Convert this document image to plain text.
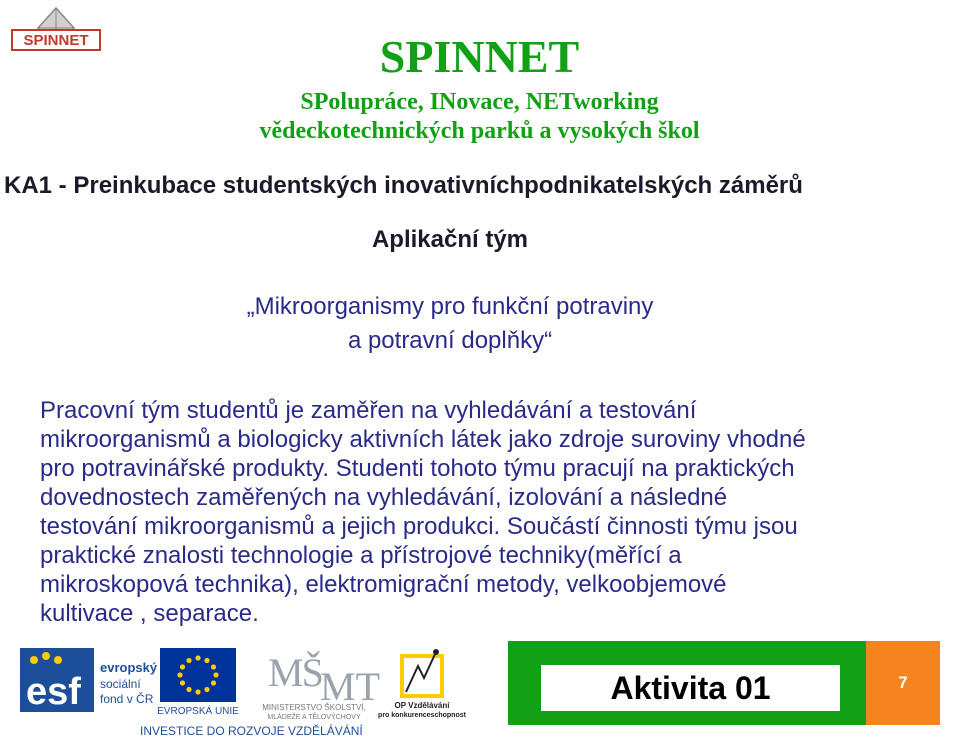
SPINNET	SPINNET
SPolupráce, INovace, NETworking
vědeckotechnických parků a vysokých škol
KA1 - Preinkubace studentských inovativníchpodnikatelských záměrů
Aplikační tým
„Mikroorganismy pro funkční potraviny
a potravní doplňky“
Pracovní tým studentů je zaměřen na vyhledávání a testování
mikroorganismů a biologicky aktivních látek jako zdroje suroviny vhodné
pro potravinářské produkty. Studenti tohoto týmu pracují na praktických
dovednostech zaměřených na vyhledávání, izolování a následné
testování mikroorganismů a jejich produkci. Součástí činnosti týmu jsou
praktické znalosti technologie a přístrojové techniky(měřící a
mikroskopová technika), elektromigrační metody, velkoobjemové
kultivace , separace.
esf
evropský
sociální
fond v ČR
EVROPSKÁ UNIE
MŠ
MT
MINISTERSTVO ŠKOLSTVÍ,
MLÁDEŽE A TĚLOVÝCHOVY
OP Vzdělávání
pro konkurenceschopnost
INVESTICE DO ROZVOJE VZDĚLÁVÁNÍ
Aktivita 01	7
